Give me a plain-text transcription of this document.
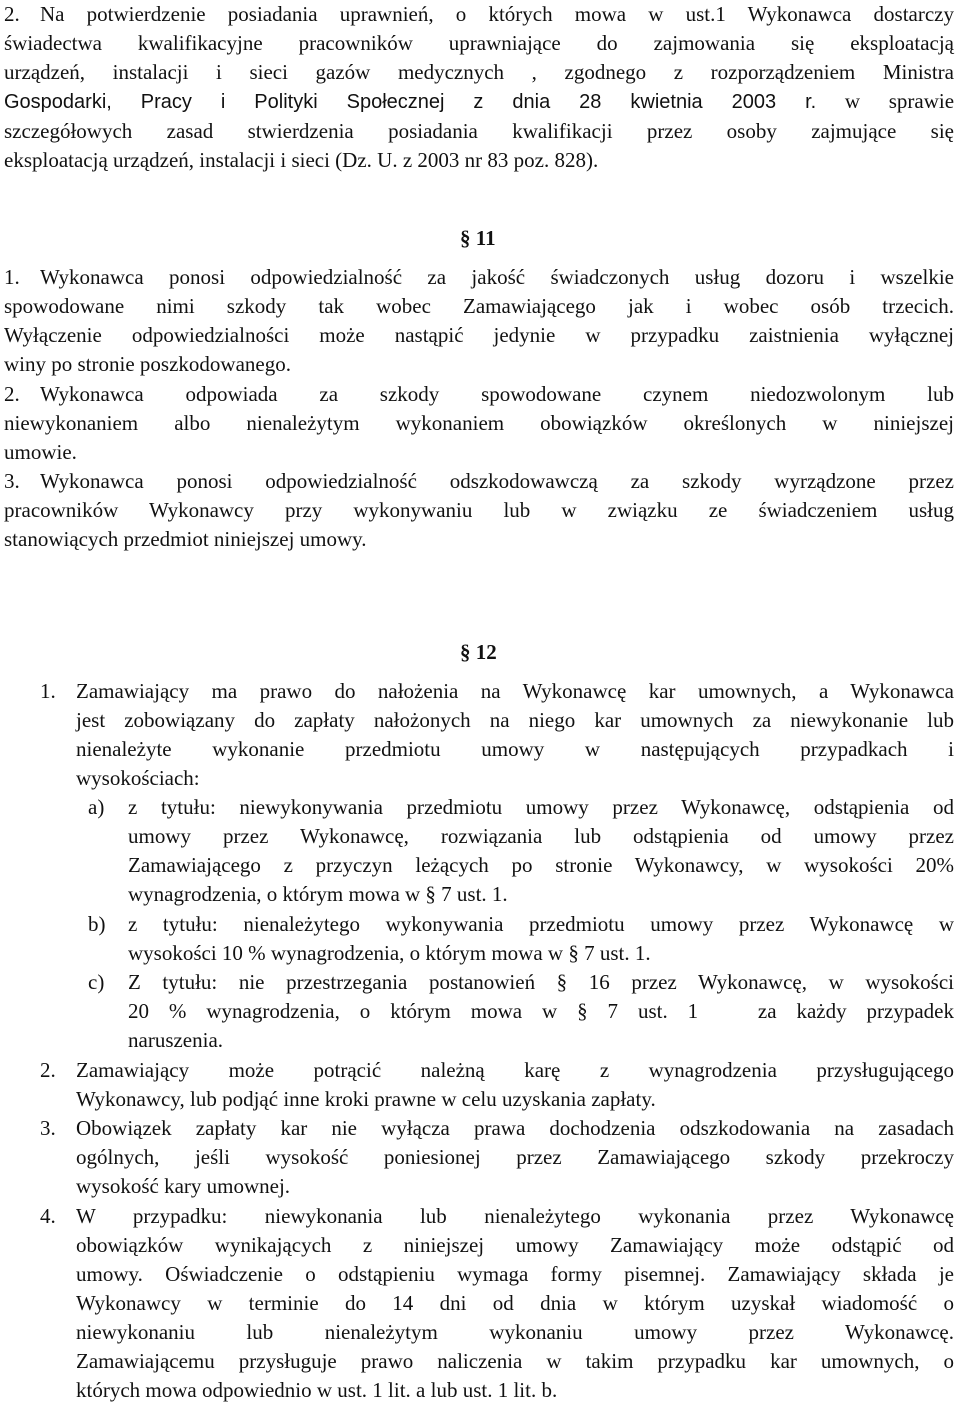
2. Na potwierdzenie posiadania uprawnień, o których mowa w ust.1 Wykonawca dostarczy
świadectwa kwalifikacyjne pracowników uprawniające do zajmowania się eksploatacją
urządzeń, instalacji i sieci gazów medycznych , zgodnego z rozporządzeniem Ministra
Gospodarki, Pracy i Polityki Społecznej z dnia 28 kwietnia 2003 r. w sprawie
szczegółowych zasad stwierdzenia posiadania kwalifikacji przez osoby zajmujące się
eksploatacją urządzeń, instalacji i sieci (Dz. U. z 2003 nr 83 poz. 828).
§ 11
1. Wykonawca ponosi odpowiedzialność za jakość świadczonych usług dozoru i wszelkie
spowodowane nimi szkody tak wobec Zamawiającego jak i wobec osób trzecich.
Wyłączenie odpowiedzialności może nastąpić jedynie w przypadku zaistnienia wyłącznej
winy po stronie poszkodowanego.
2. Wykonawca odpowiada za szkody spowodowane czynem niedozwolonym lub
niewykonaniem albo nienależytym wykonaniem obowiązków określonych w niniejszej
umowie.
3. Wykonawca ponosi odpowiedzialność odszkodowawczą za szkody wyrządzone przez
pracowników Wykonawcy przy wykonywaniu lub w związku ze świadczeniem usług
stanowiących przedmiot niniejszej umowy.
§ 12
1. Zamawiający ma prawo do nałożenia na Wykonawcę kar umownych, a Wykonawca
jest zobowiązany do zapłaty nałożonych na niego kar umownych za niewykonanie lub
nienależyte wykonanie przedmiotu umowy w następujących przypadkach i
wysokościach:
a) z tytułu: niewykonywania przedmiotu umowy przez Wykonawcę, odstąpienia od
umowy przez Wykonawcę, rozwiązania lub odstąpienia od umowy przez
Zamawiającego z przyczyn leżących po stronie Wykonawcy, w wysokości 20%
wynagrodzenia, o którym mowa w § 7 ust. 1.
b) z tytułu: nienależytego wykonywania przedmiotu umowy przez Wykonawcę w
wysokości 10 % wynagrodzenia, o którym mowa w § 7 ust. 1.
c) Z tytułu: nie przestrzegania postanowień § 16 przez Wykonawcę, w wysokości
20 % wynagrodzenia, o którym mowa w § 7 ust. 1   za każdy przypadek
naruszenia.
2. Zamawiający może potrącić należną karę z wynagrodzenia przysługującego
Wykonawcy, lub podjąć inne kroki prawne w celu uzyskania zapłaty.
3. Obowiązek zapłaty kar nie wyłącza prawa dochodzenia odszkodowania na zasadach
ogólnych, jeśli wysokość poniesionej przez Zamawiającego szkody przekroczy
wysokość kary umownej.
4. W przypadku: niewykonania lub nienależytego wykonania przez Wykonawcę
obowiązków wynikających z niniejszej umowy Zamawiający może odstąpić od
umowy. Oświadczenie o odstąpieniu wymaga formy pisemnej. Zamawiający składa je
Wykonawcy w terminie do 14 dni od dnia w którym uzyskał wiadomość o
niewykonaniu lub nienależytym wykonaniu umowy przez Wykonawcę.
Zamawiającemu przysługuje prawo naliczenia w takim przypadku kar umownych, o
których mowa odpowiednio w ust. 1 lit. a lub ust. 1 lit. b.
